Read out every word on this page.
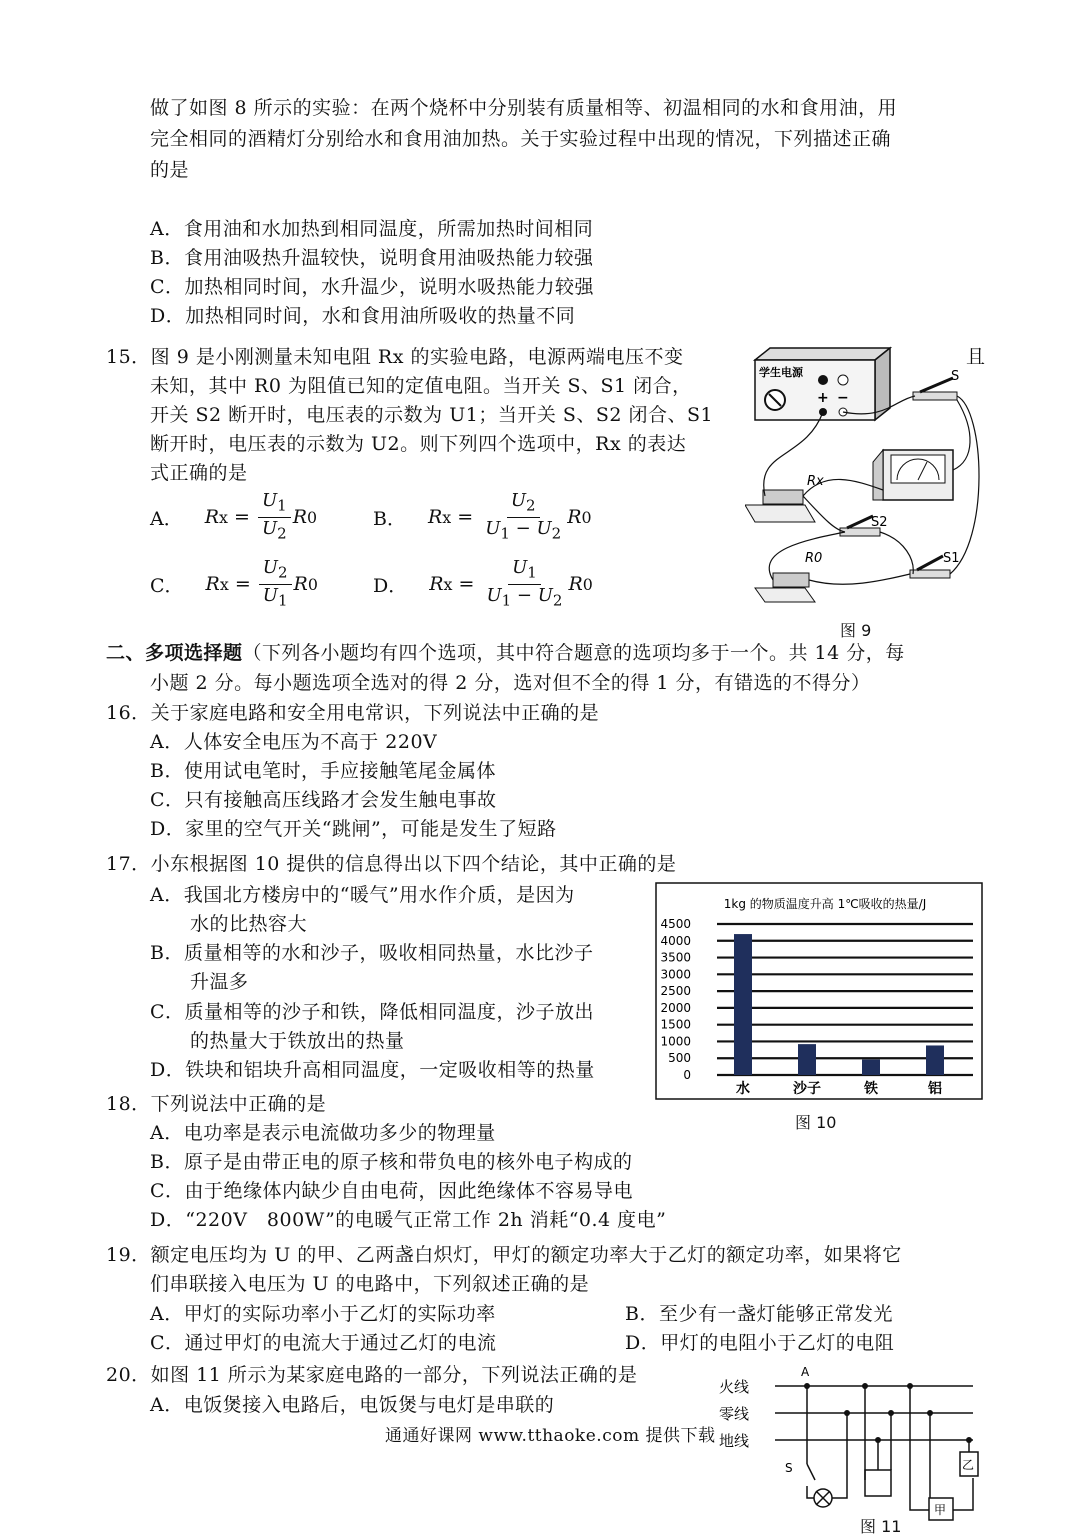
做了如图 8 所示的实验：在两个烧杯中分别装有质量相等、初温相同的水和食用油，用
完全相同的酒精灯分别给水和食用油加热。关于实验过程中出现的情况，下列描述正确
的是
A．食用油和水加热到相同温度，所需加热时间相同
B．食用油吸热升温较快，说明食用油吸热能力较强
C．加热相同时间，水升温少，说明水吸热能力较强
D．加热相同时间，水和食用油所吸收的热量不同
15．图 9 是小刚测量未知电阻 Rx 的实验电路，电源两端电压不变	且
未知，其中 R0 为阻值已知的定值电阻。当开关 S、S1 闭合，
开关 S2 断开时，电压表的示数为 U1；当开关 S、S2 闭合、S1
断开时，电压表的示数为 U2。则下列四个选项中，Rx 的表达
式正确的是
A． R $x = \frac{U_1}{U_2}$ R 0	B． R $x = \frac{U_2}{U_1 - U_2}$ R 0
C． R $x = \frac{U_2}{U_1}$ R 0	D． R $x = \frac{U_1}{U_1 - U_2}$ R 0
学生电源
+ −
S
Rx
S2
R0	S1
图 9
二、多项选择题（下列各小题均有四个选项，其中符合题意的选项均多于一个。共 14 分，每
小题 2 分。每小题选项全选对的得 2 分，选对但不全的得 1 分，有错选的不得分）
16．关于家庭电路和安全用电常识，下列说法中正确的是
A．人体安全电压为不高于 220V
B．使用试电笔时，手应接触笔尾金属体
C．只有接触高压线路才会发生触电事故
D．家里的空气开关“跳闸”，可能是发生了短路
17．小东根据图 10 提供的信息得出以下四个结论，其中正确的是
A．我国北方楼房中的“暖气”用水作介质，是因为
水的比热容大
B．质量相等的水和沙子，吸收相同热量，水比沙子
升温多
C．质量相等的沙子和铁，降低相同温度，沙子放出
的热量大于铁放出的热量
D．铁块和铝块升高相同温度，一定吸收相等的热量
1kg 的物质温度升高 1℃吸收的热量/J
0
500
1000
1500
2000
2500
3000
3500
4000
4500
水	沙子	铁	铝
图 10
18．下列说法中正确的是
A．电功率是表示电流做功多少的物理量
B．原子是由带正电的原子核和带负电的核外电子构成的
C．由于绝缘体内缺少自由电荷，因此绝缘体不容易导电
D．“220V　800W”的电暖气正常工作 2h 消耗“0.4 度电”
19．额定电压均为 U 的甲、乙两盏白炽灯，甲灯的额定功率大于乙灯的额定功率，如果将它
们串联接入电压为 U 的电路中，下列叙述正确的是
A．甲灯的实际功率小于乙灯的实际功率	B．至少有一盏灯能够正常发光
C．通过甲灯的电流大于通过乙灯的电流	D．甲灯的电阻小于乙灯的电阻
20．如图 11 所示为某家庭电路的一部分，下列说法正确的是
A．电饭煲接入电路后，电饭煲与电灯是串联的
通通好课网 www.tthaoke.com 提供下载
火线
零线
地线
A
S
甲
乙
图 11
